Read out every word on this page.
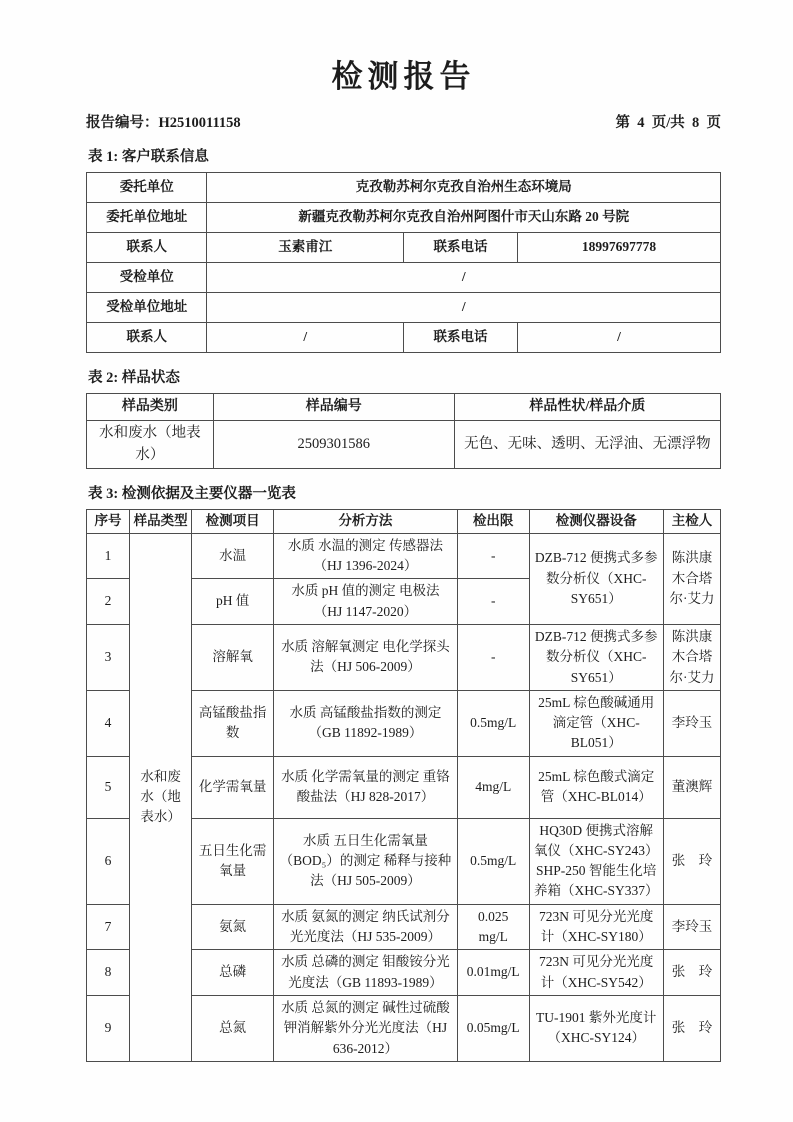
检测报告
报告编号：H2510011158	第  4  页/共  8  页
表 1: 客户联系信息
委托单位	克孜勒苏柯尔克孜自治州生态环境局		
委托单位地址	新疆克孜勒苏柯尔克孜自治州阿图什市天山东路 20 号院		
联系人	玉素甫江	联系电话	18997697778
受检单位	/		
受检单位地址	/		
联系人	/	联系电话	/
表 2: 样品状态
样品类别	样品编号	样品性状/样品介质
水和废水（地表水）	2509301586	无色、无味、透明、无浮油、无漂浮物
表 3: 检测依据及主要仪器一览表
序号	样品类型	检测项目	分析方法	检出限	检测仪器设备	主检人
1	水和废水（地表水）	水温	水质 水温的测定 传感器法（HJ 1396-2024）	-	DZB-712 便携式多参数分析仪（XHC-SY651）	陈洪康木合塔尔·艾力
2		pH 值	水质 pH 值的测定 电极法（HJ 1147-2020）	-		
3		溶解氧	水质 溶解氧测定 电化学探头法（HJ 506-2009）	-	DZB-712 便携式多参数分析仪（XHC-SY651）	陈洪康木合塔尔·艾力
4		高锰酸盐指数	水质 高锰酸盐指数的测定（GB 11892-1989）	0.5mg/L	25mL 棕色酸碱通用滴定管（XHC-BL051）	李玲玉
5		化学需氧量	水质 化学需氧量的测定 重铬酸盐法（HJ 828-2017）	4mg/L	25mL 棕色酸式滴定管（XHC-BL014）	董澳辉
6		五日生化需氧量	水质 五日生化需氧量（BOD₅）的测定 稀释与接种法（HJ 505-2009）	0.5mg/L	HQ30D 便携式溶解氧仪（XHC-SY243）SHP-250 智能生化培养箱（XHC-SY337）	张　玲
7		氨氮	水质 氨氮的测定 纳氏试剂分光光度法（HJ 535-2009）	0.025 mg/L	723N 可见分光光度计（XHC-SY180）	李玲玉
8		总磷	水质 总磷的测定 钼酸铵分光光度法（GB 11893-1989）	0.01mg/L	723N 可见分光光度计（XHC-SY542）	张　玲
9		总氮	水质 总氮的测定 碱性过硫酸钾消解紫外分光光度法（HJ 636-2012）	0.05mg/L	TU-1901 紫外光度计（XHC-SY124）	张　玲
